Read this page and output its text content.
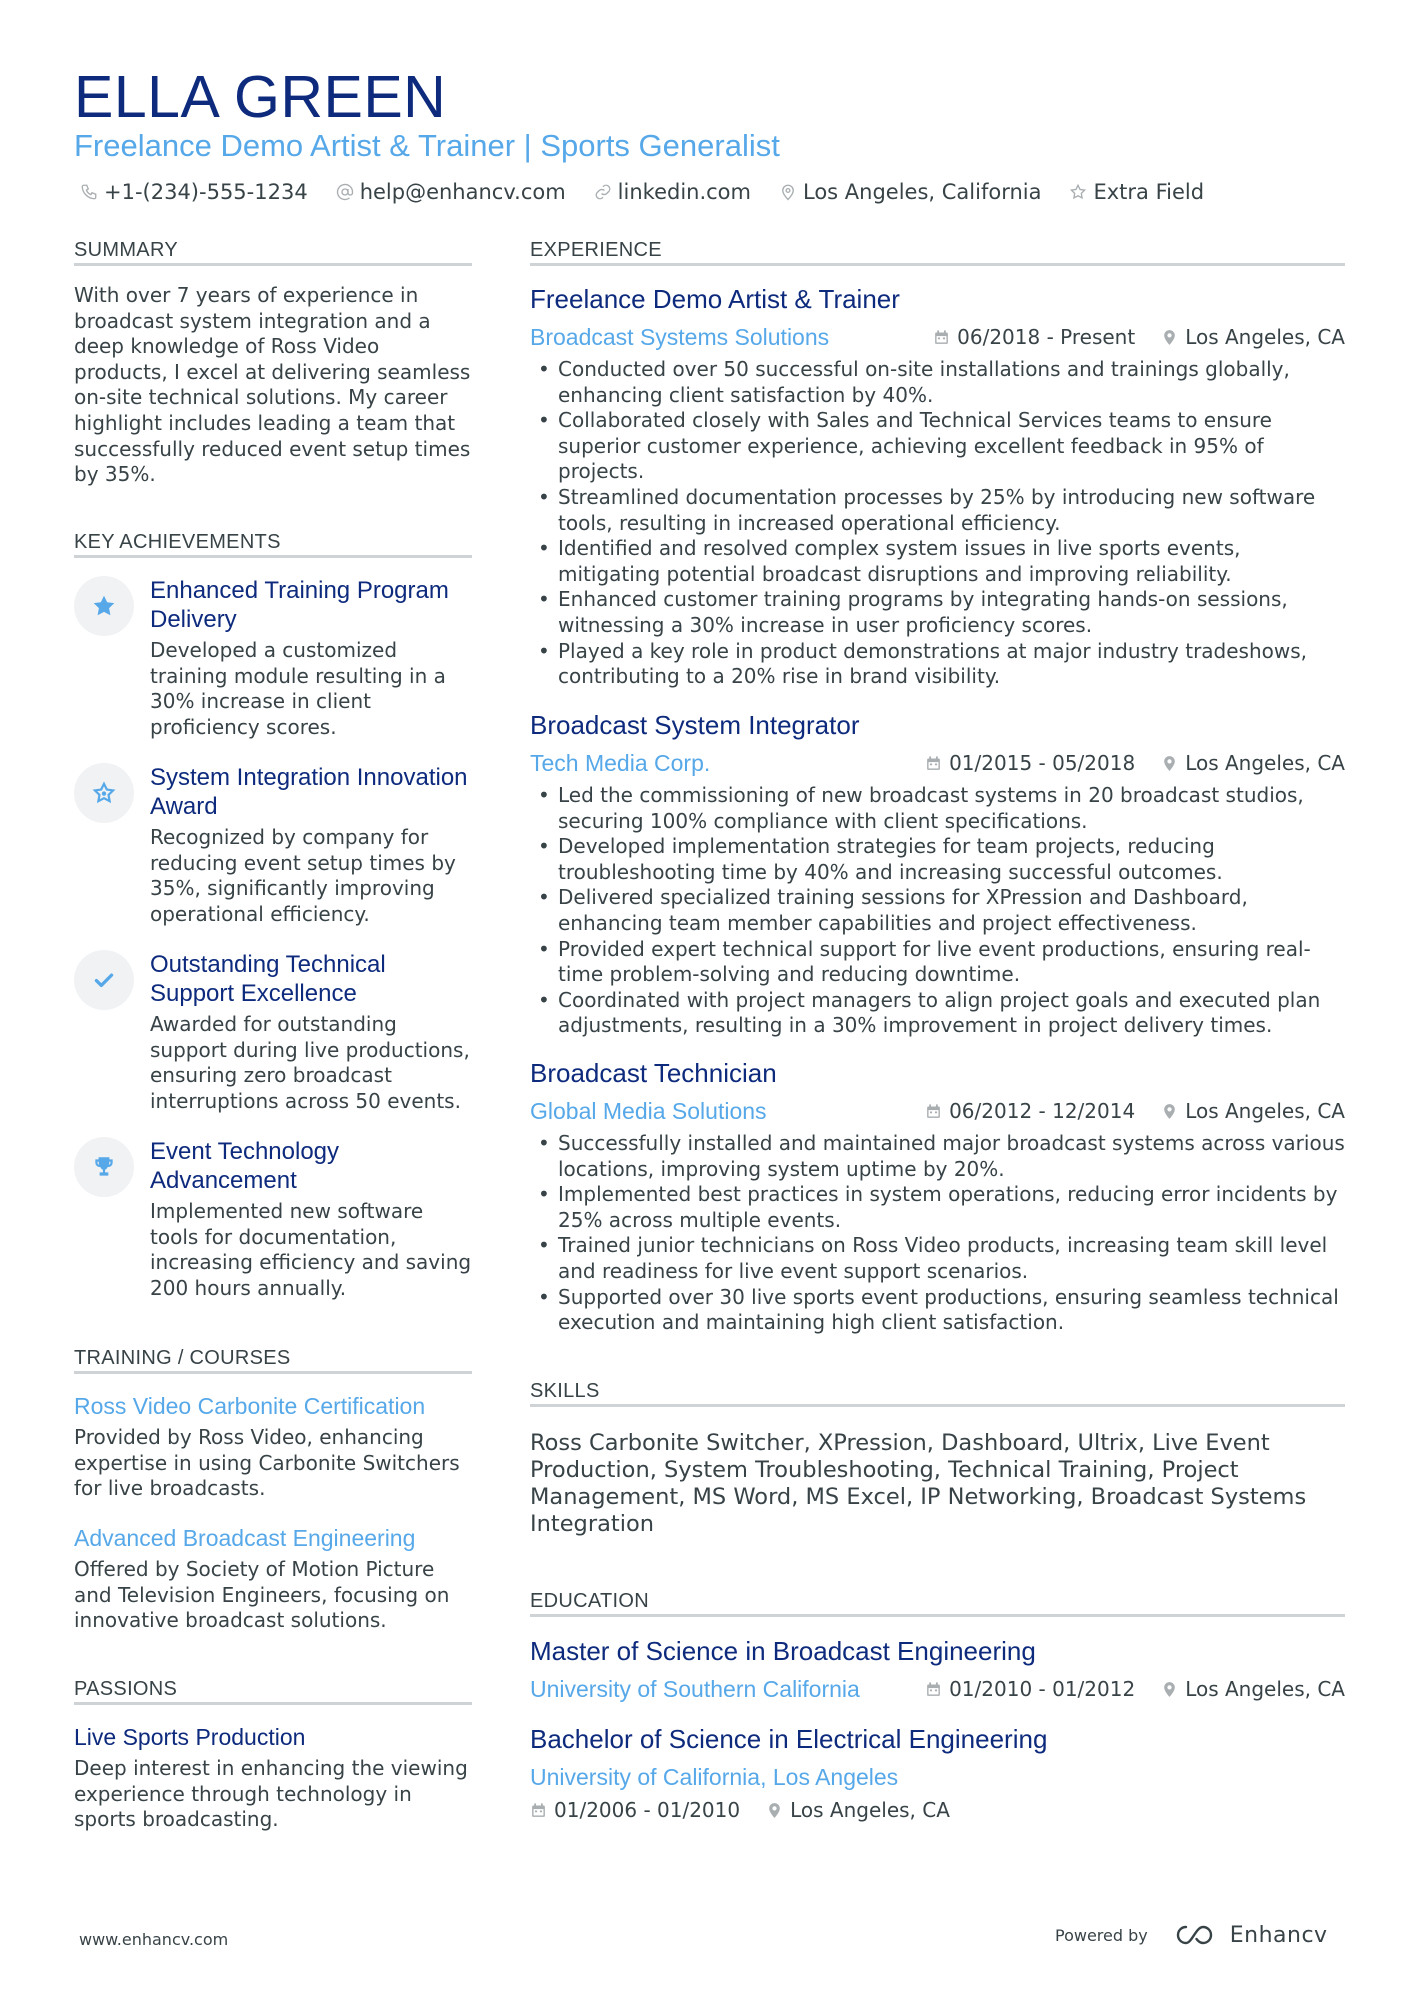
ELLA GREEN
Freelance Demo Artist & Trainer | Sports Generalist
+1-(234)-555-1234 help@enhancv.com linkedin.com Los Angeles, California Extra Field
SUMMARY
With over 7 years of experience in broadcast system integration and a deep knowledge of Ross Video products, I excel at delivering seamless on-site technical solutions. My career highlight includes leading a team that successfully reduced event setup times by 35%.
KEY ACHIEVEMENTS
Enhanced Training Program Delivery
Developed a customized training module resulting in a 30% increase in client proficiency scores.
System Integration Innovation Award
Recognized by company for reducing event setup times by 35%, significantly improving operational efficiency.
Outstanding Technical Support Excellence
Awarded for outstanding support during live productions, ensuring zero broadcast interruptions across 50 events.
Event Technology Advancement
Implemented new software tools for documentation, increasing efficiency and saving 200 hours annually.
TRAINING / COURSES
Ross Video Carbonite Certification
Provided by Ross Video, enhancing expertise in using Carbonite Switchers for live broadcasts.
Advanced Broadcast Engineering
Offered by Society of Motion Picture and Television Engineers, focusing on innovative broadcast solutions.
PASSIONS
Live Sports Production
Deep interest in enhancing the viewing experience through technology in sports broadcasting.
EXPERIENCE
Freelance Demo Artist & Trainer
Broadcast Systems Solutions	06/2018 - Present	Los Angeles, CA
• Conducted over 50 successful on-site installations and trainings globally, enhancing client satisfaction by 40%.
• Collaborated closely with Sales and Technical Services teams to ensure superior customer experience, achieving excellent feedback in 95% of projects.
• Streamlined documentation processes by 25% by introducing new software tools, resulting in increased operational efficiency.
• Identified and resolved complex system issues in live sports events, mitigating potential broadcast disruptions and improving reliability.
• Enhanced customer training programs by integrating hands-on sessions, witnessing a 30% increase in user proficiency scores.
• Played a key role in product demonstrations at major industry tradeshows, contributing to a 20% rise in brand visibility.
Broadcast System Integrator
Tech Media Corp.	01/2015 - 05/2018	Los Angeles, CA
• Led the commissioning of new broadcast systems in 20 broadcast studios, securing 100% compliance with client specifications.
• Developed implementation strategies for team projects, reducing troubleshooting time by 40% and increasing successful outcomes.
• Delivered specialized training sessions for XPression and Dashboard, enhancing team member capabilities and project effectiveness.
• Provided expert technical support for live event productions, ensuring real-time problem-solving and reducing downtime.
• Coordinated with project managers to align project goals and executed plan adjustments, resulting in a 30% improvement in project delivery times.
Broadcast Technician
Global Media Solutions	06/2012 - 12/2014	Los Angeles, CA
• Successfully installed and maintained major broadcast systems across various locations, improving system uptime by 20%.
• Implemented best practices in system operations, reducing error incidents by 25% across multiple events.
• Trained junior technicians on Ross Video products, increasing team skill level and readiness for live event support scenarios.
• Supported over 30 live sports event productions, ensuring seamless technical execution and maintaining high client satisfaction.
SKILLS
Ross Carbonite Switcher, XPression, Dashboard, Ultrix, Live Event Production, System Troubleshooting, Technical Training, Project Management, MS Word, MS Excel, IP Networking, Broadcast Systems Integration
EDUCATION
Master of Science in Broadcast Engineering
University of Southern California	01/2010 - 01/2012	Los Angeles, CA
Bachelor of Science in Electrical Engineering
University of California, Los Angeles
01/2006 - 01/2010	Los Angeles, CA
www.enhancv.com	Powered by	Enhancv
